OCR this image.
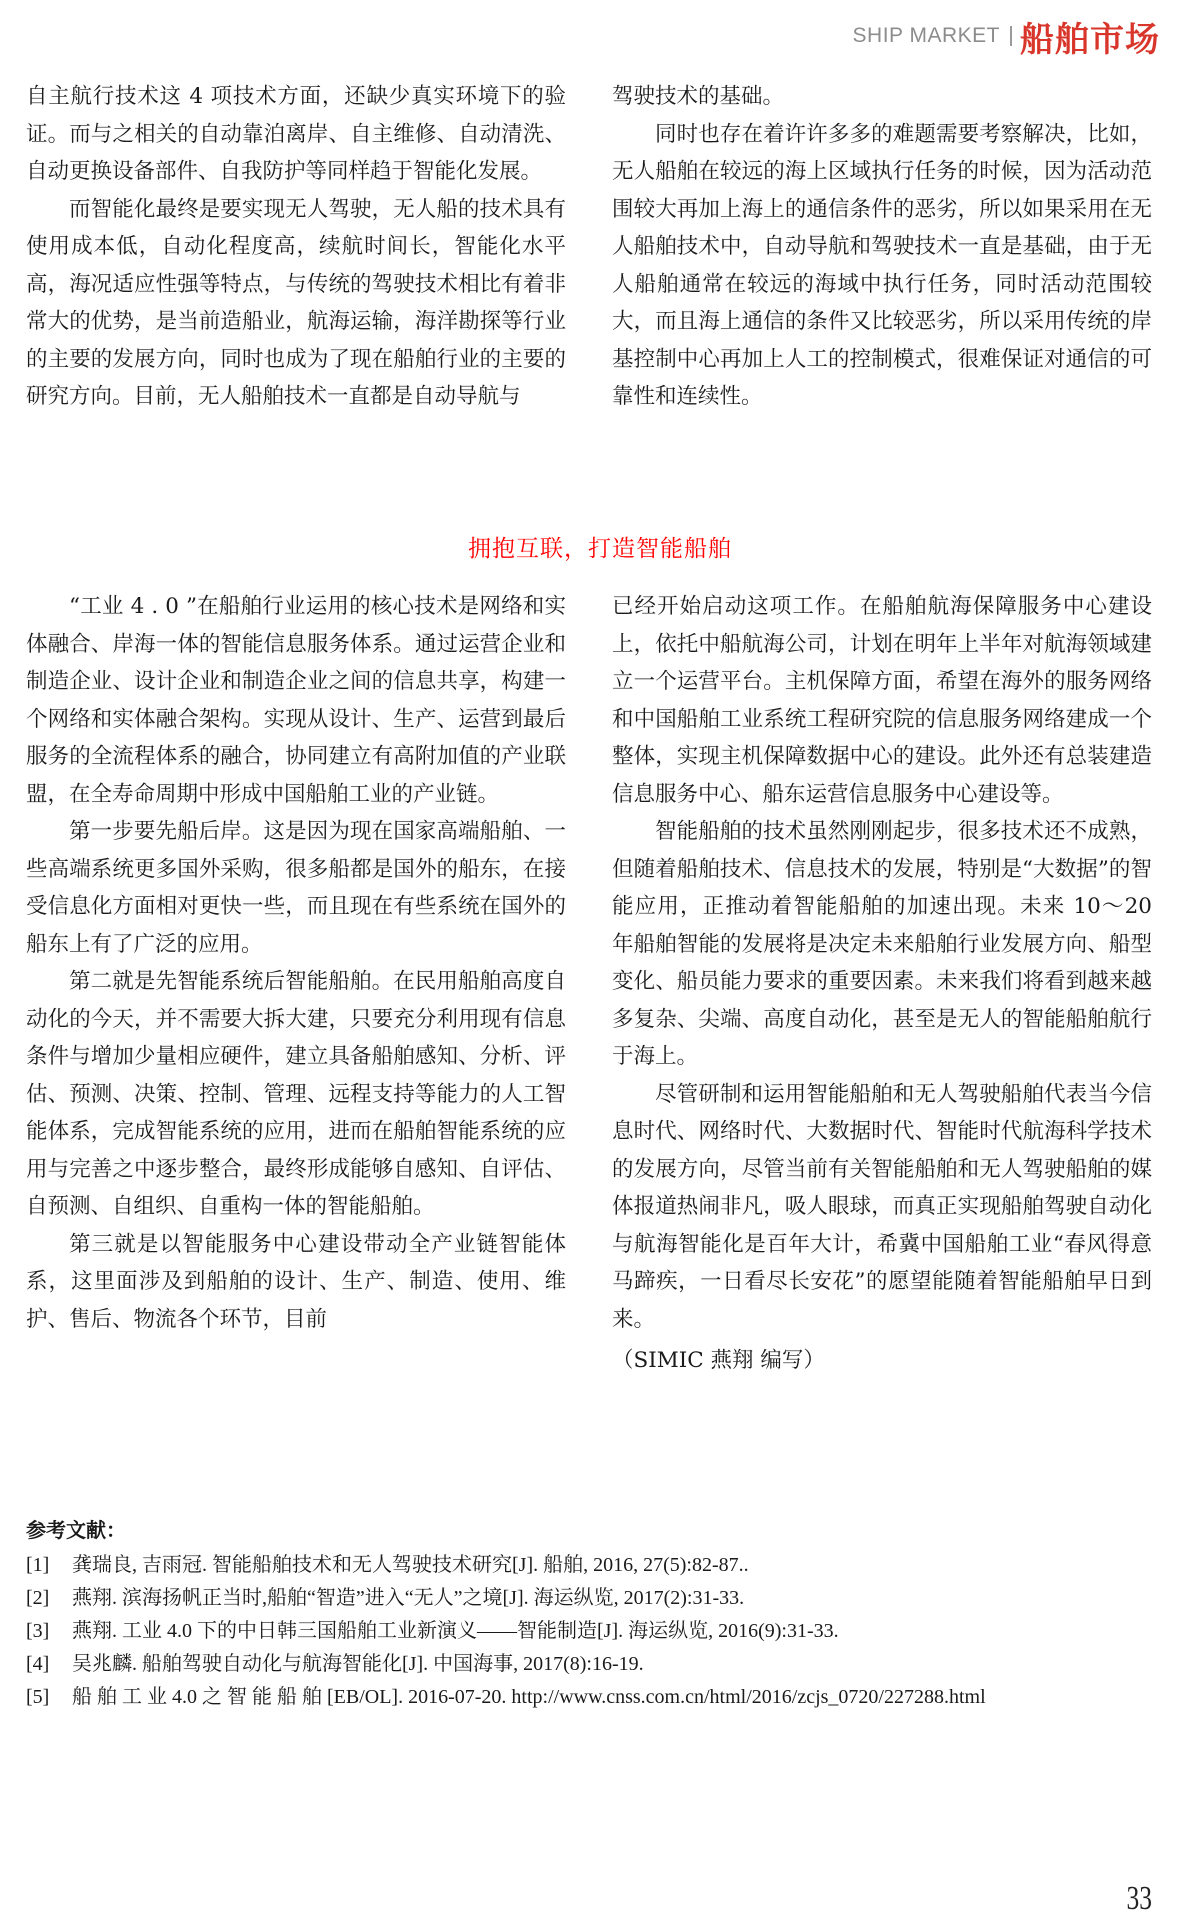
SHIP MARKET 船舶市场

自主航行技术这 4 项技术方面，还缺少真实环境下的验证。而与之相关的自动靠泊离岸、自主维修、自动清洗、自动更换设备部件、自我防护等同样趋于智能化发展。

而智能化最终是要实现无人驾驶，无人船的技术具有使用成本低，自动化程度高，续航时间长，智能化水平高，海况适应性强等特点，与传统的驾驶技术相比有着非常大的优势，是当前造船业，航海运输，海洋勘探等行业的主要的发展方向，同时也成为了现在船舶行业的主要的研究方向。目前，无人船舶技术一直都是自动导航与

驾驶技术的基础。

同时也存在着许许多多的难题需要考察解决，比如，无人船舶在较远的海上区域执行任务的时候，因为活动范围较大再加上海上的通信条件的恶劣，所以如果采用在无人船舶技术中，自动导航和驾驶技术一直是基础，由于无人船舶通常在较远的海域中执行任务，同时活动范围较大，而且海上通信的条件又比较恶劣，所以采用传统的岸基控制中心再加上人工的控制模式，很难保证对通信的可靠性和连续性。

拥抱互联，打造智能船舶

“工业 4 . 0 ”在船舶行业运用的核心技术是网络和实体融合、岸海一体的智能信息服务体系。通过运营企业和制造企业、设计企业和制造企业之间的信息共享，构建一个网络和实体融合架构。实现从设计、生产、运营到最后服务的全流程体系的融合，协同建立有高附加值的产业联盟，在全寿命周期中形成中国船舶工业的产业链。

第一步要先船后岸。这是因为现在国家高端船舶、一些高端系统更多国外采购，很多船都是国外的船东，在接受信息化方面相对更快一些，而且现在有些系统在国外的船东上有了广泛的应用。

第二就是先智能系统后智能船舶。在民用船舶高度自动化的今天，并不需要大拆大建，只要充分利用现有信息条件与增加少量相应硬件，建立具备船舶感知、分析、评估、预测、决策、控制、管理、远程支持等能力的人工智能体系，完成智能系统的应用，进而在船舶智能系统的应用与完善之中逐步整合，最终形成能够自感知、自评估、自预测、自组织、自重构一体的智能船舶。

第三就是以智能服务中心建设带动全产业链智能体系，这里面涉及到船舶的设计、生产、制造、使用、维护、售后、物流各个环节，目前

已经开始启动这项工作。在船舶航海保障服务中心建设上，依托中船航海公司，计划在明年上半年对航海领域建立一个运营平台。主机保障方面，希望在海外的服务网络和中国船舶工业系统工程研究院的信息服务网络建成一个整体，实现主机保障数据中心的建设。此外还有总装建造信息服务中心、船东运营信息服务中心建设等。

智能船舶的技术虽然刚刚起步，很多技术还不成熟，但随着船舶技术、信息技术的发展，特别是“大数据”的智能应用，正推动着智能船舶的加速出现。未来 10～20 年船舶智能的发展将是决定未来船舶行业发展方向、船型变化、船员能力要求的重要因素。未来我们将看到越来越多复杂、尖端、高度自动化，甚至是无人的智能船舶航行于海上。

尽管研制和运用智能船舶和无人驾驶船舶代表当今信息时代、网络时代、大数据时代、智能时代航海科学技术的发展方向，尽管当前有关智能船舶和无人驾驶船舶的媒体报道热闹非凡，吸人眼球，而真正实现船舶驾驶自动化与航海智能化是百年大计，希冀中国船舶工业“春风得意马蹄疾，一日看尽长安花”的愿望能随着智能船舶早日到来。

（SIMIC 燕翔 编写）

参考文献：
[1]	龚瑞良, 吉雨冠. 智能船舶技术和无人驾驶技术研究[J]. 船舶, 2016, 27(5):82-87..
[2]	燕翔. 滨海扬帆正当时,船舶“智造”进入“无人”之境[J]. 海运纵览, 2017(2):31-33.
[3]	燕翔. 工业 4.0 下的中日韩三国船舶工业新演义——智能制造[J]. 海运纵览, 2016(9):31-33.
[4]	吴兆麟. 船舶驾驶自动化与航海智能化[J]. 中国海事, 2017(8):16-19.
[5]	船 舶 工 业 4.0 之 智 能 船 舶 [EB/OL]. 2016-07-20. http://www.cnss.com.cn/html/2016/zcjs_0720/227288.html
33
